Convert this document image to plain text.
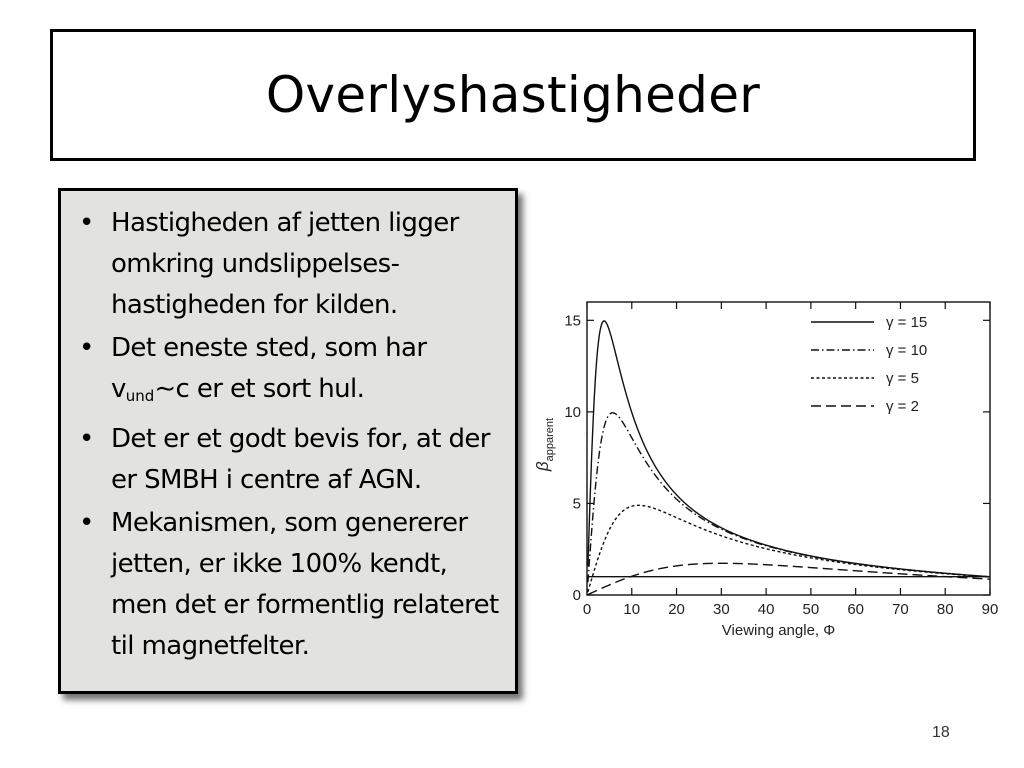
Overlyshastigheder
• Hastigheden af jetten ligger omkring undslippelses-hastigheden for kilden.
• Det eneste sted, som har $v_{und}\sim c$ er et sort hul.
• Det er et godt bevis for, at der er SMBH i centre af AGN.
• Mekanismen, som genererer jetten, er ikke 100% kendt, men det er formentlig relateret til magnetfelter.
0 10 20 30 40 50 60 70 80 90
0
5
10
15	γ = 15
γ = 10
γ = 5
γ = 2
Viewing angle, Φ
$\beta_{apparent}$
18
